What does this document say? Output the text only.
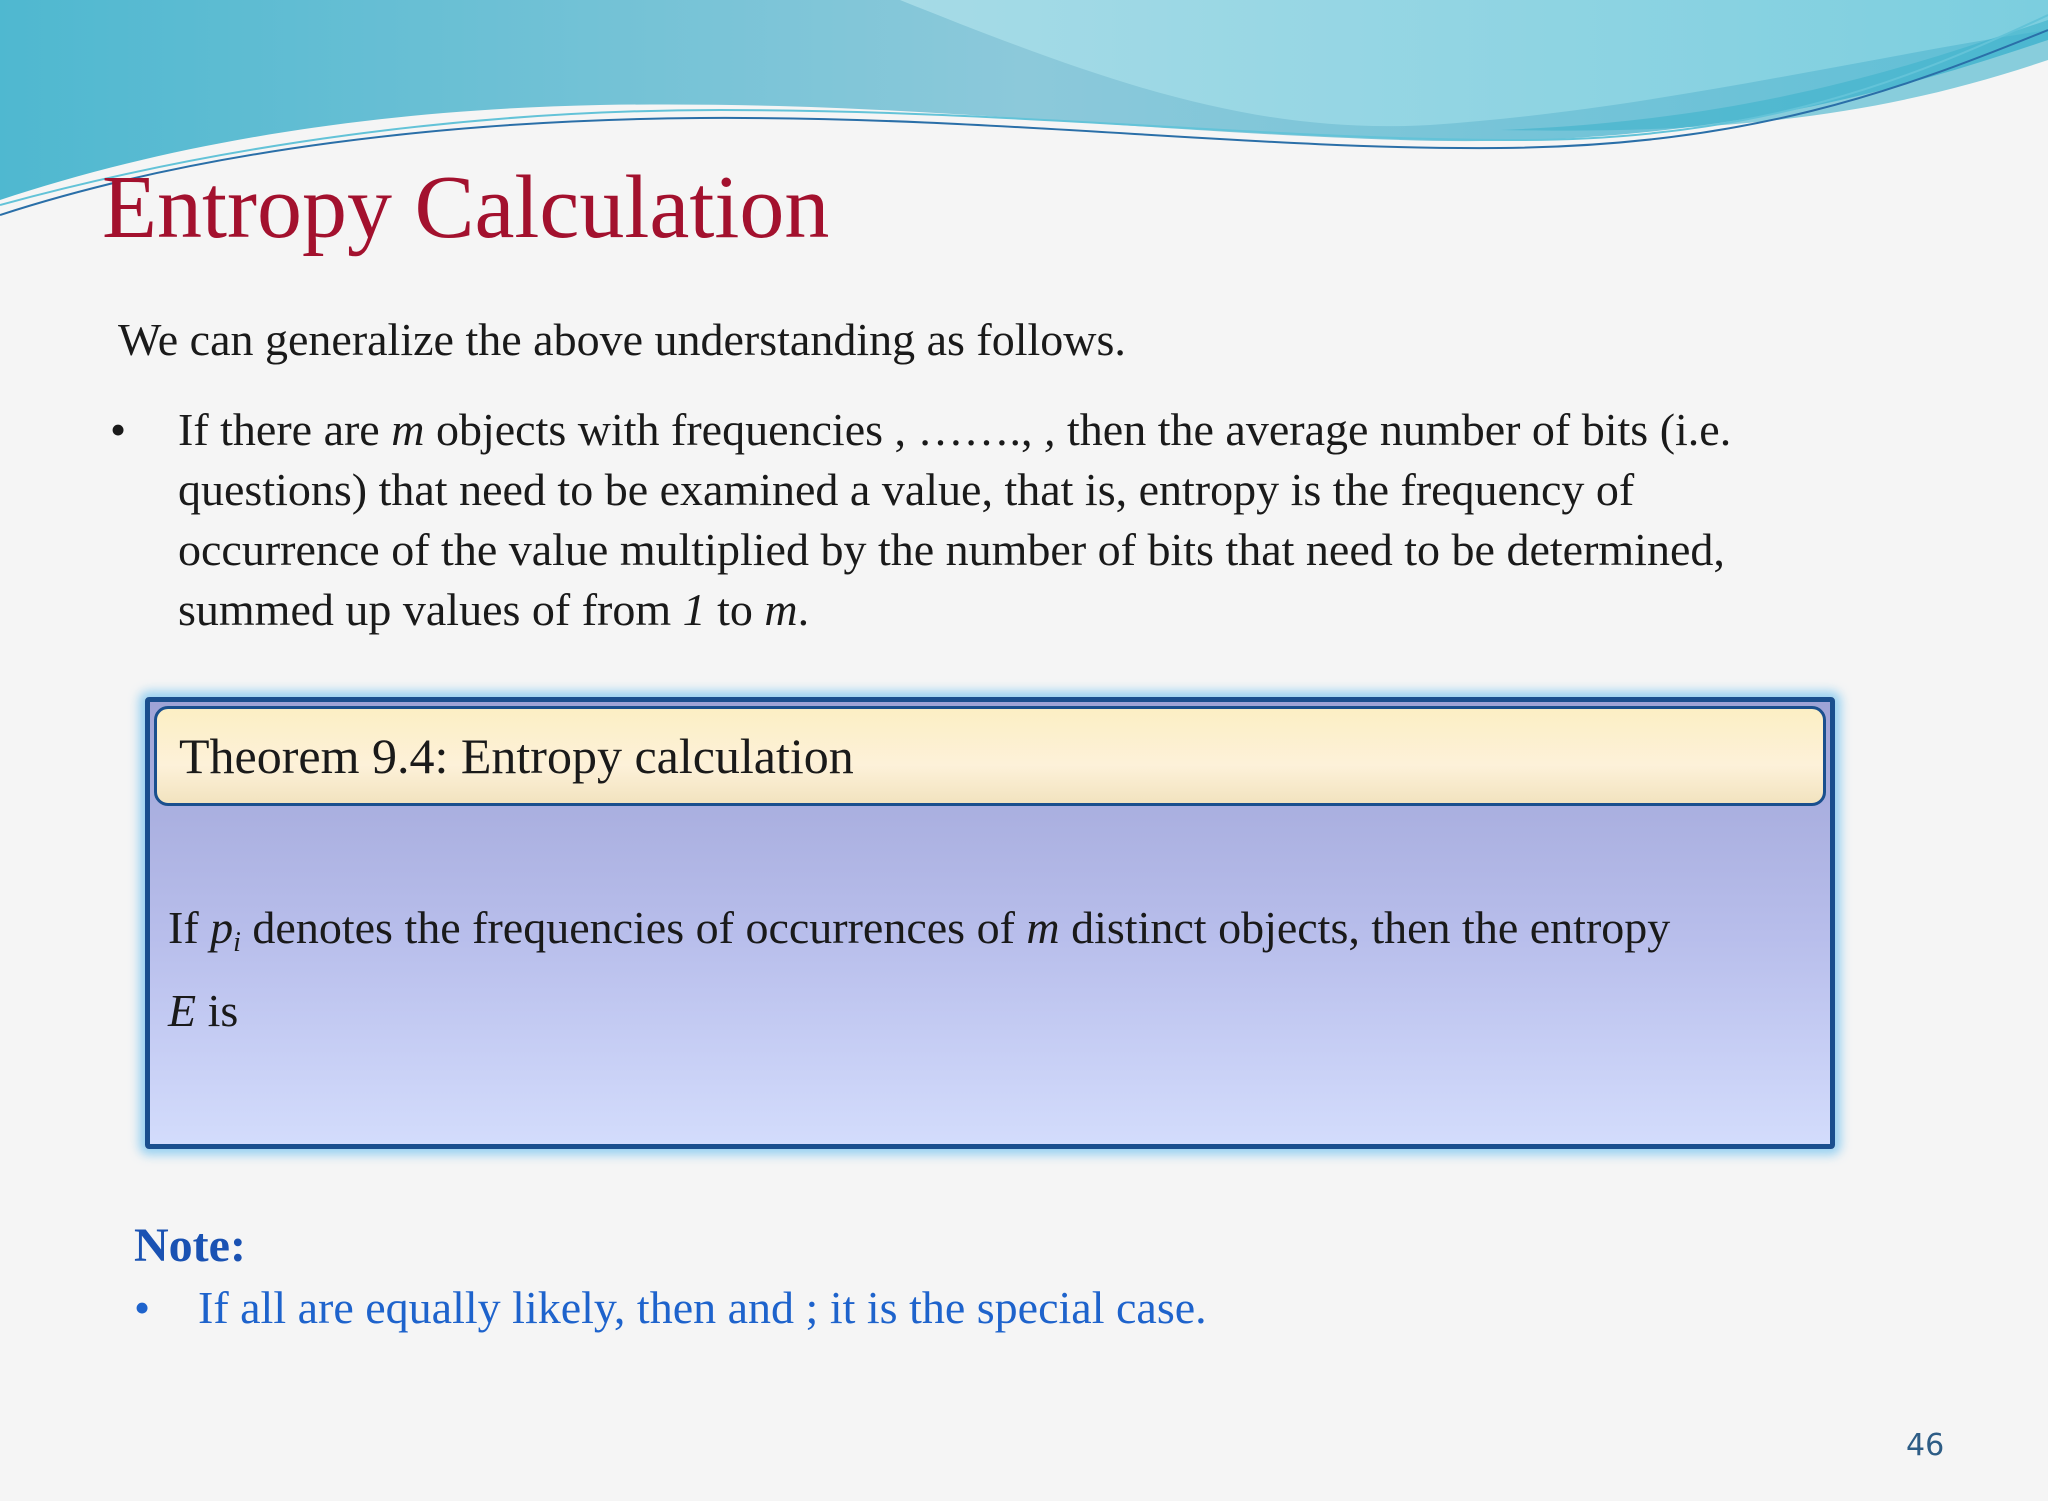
Entropy Calculation

We can generalize the above understanding as follows.

•	If there are m objects with frequencies , ……., , then the average number of bits (i.e.
questions) that need to be examined a value, that is, entropy is the frequency of
occurrence of the value multiplied by the number of bits that need to be determined,
summed up values of from 1 to m.
Theorem 9.4: Entropy calculation
If $p_i$ denotes the frequencies of occurrences of m distinct objects, then the entropy
E is

Note:

• If all are equally likely, then and ; it is the special case.
46
